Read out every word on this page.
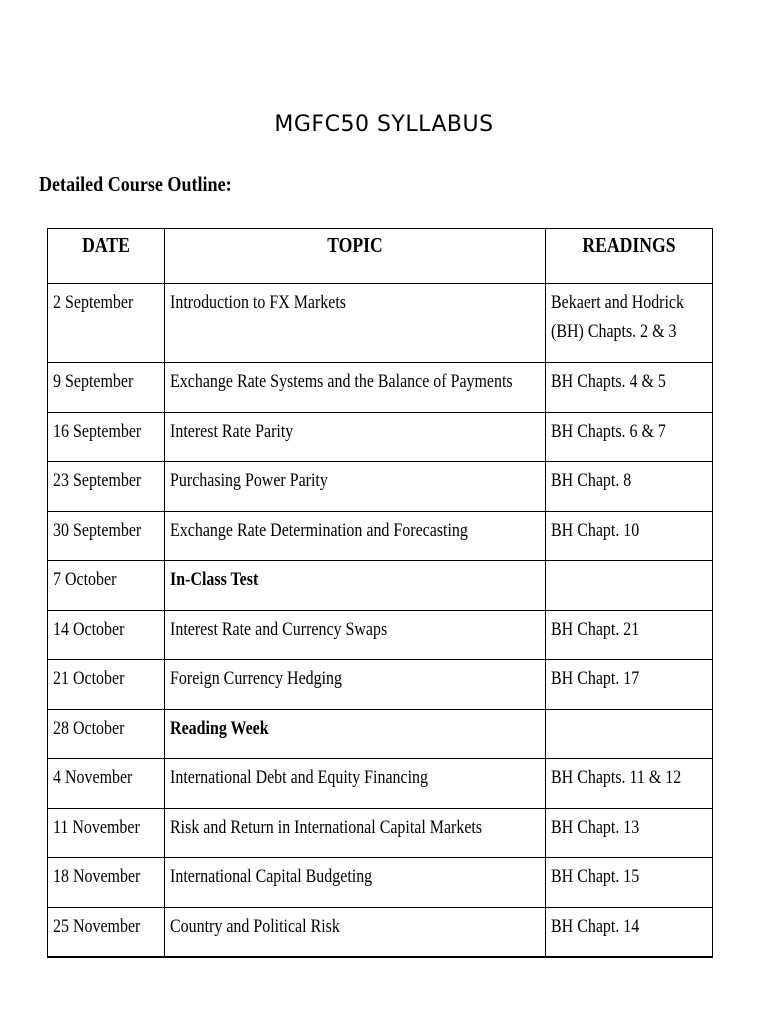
MGFC50 SYLLABUS
Detailed Course Outline:
DATE	TOPIC	READINGS

2 September	Introduction to FX Markets	Bekaert and Hodrick (BH) Chapts. 2 & 3

9 September	Exchange Rate Systems and the Balance of Payments	BH Chapts. 4 & 5

16 September	Interest Rate Parity	BH Chapts. 6 & 7

23 September	Purchasing Power Parity	BH Chapt. 8

30 September	Exchange Rate Determination and Forecasting	BH Chapt. 10

7 October	In-Class Test	

14 October	Interest Rate and Currency Swaps	BH Chapt. 21

21 October	Foreign Currency Hedging	BH Chapt. 17

28 October	Reading Week	

4 November	International Debt and Equity Financing	BH Chapts. 11 & 12

11 November	Risk and Return in International Capital Markets	BH Chapt. 13

18 November	International Capital Budgeting	BH Chapt. 15

25 November	Country and Political Risk	BH Chapt. 14
